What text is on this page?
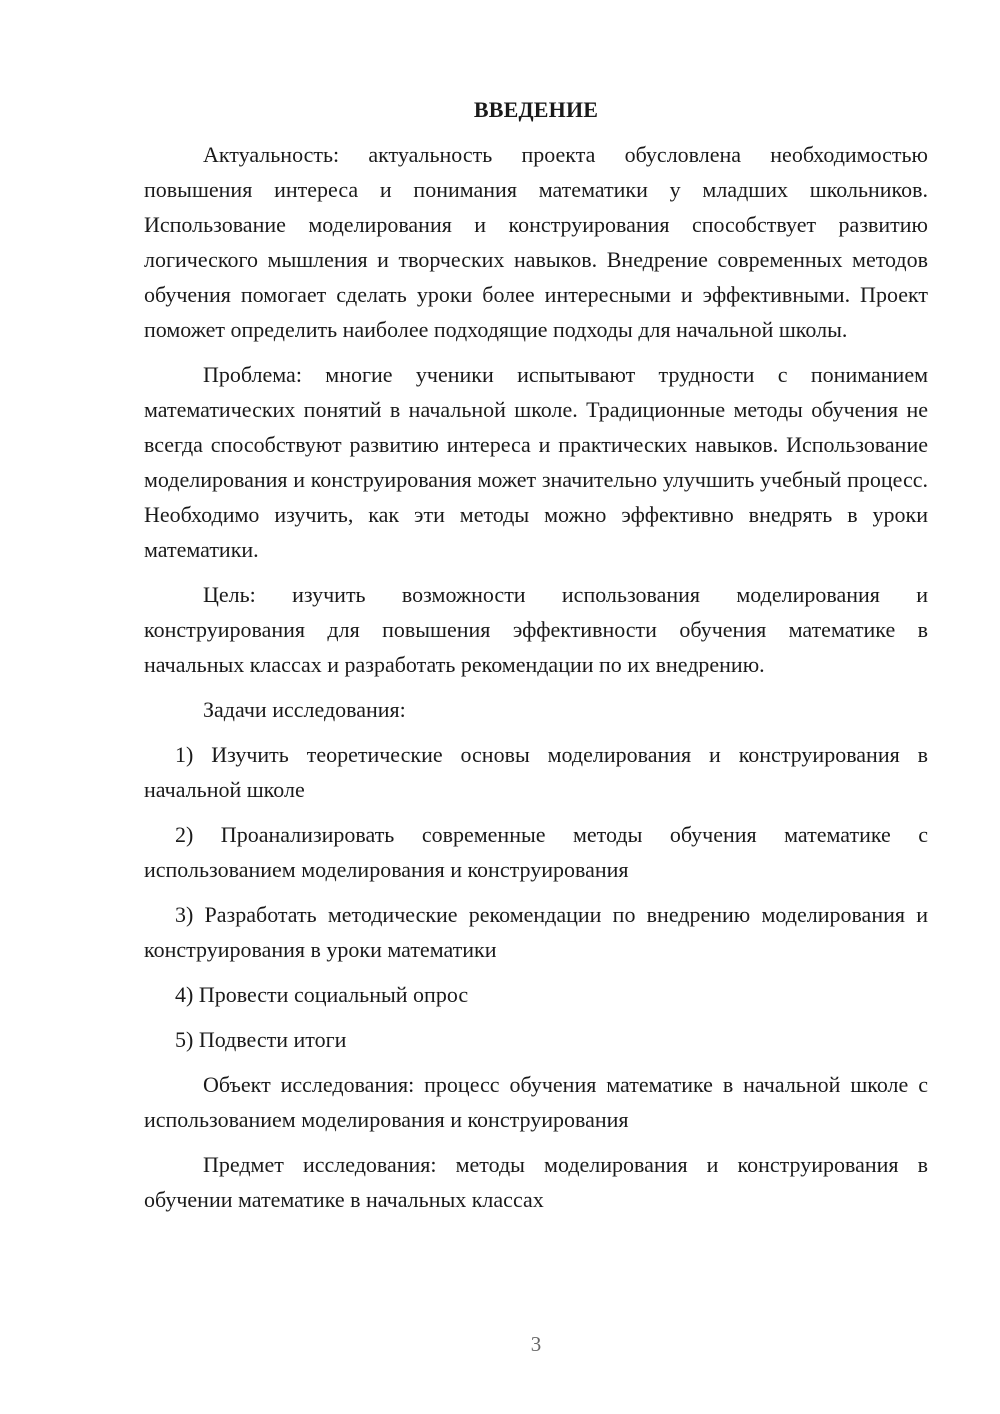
ВВЕДЕНИЕ

Актуальность: актуальность проекта обусловлена необходимостью повышения интереса и понимания математики у младших школьников. Использование моделирования и конструирования способствует развитию логического мышления и творческих навыков. Внедрение современных методов обучения помогает сделать уроки более интересными и эффективными. Проект поможет определить наиболее подходящие подходы для начальной школы.

Проблема: многие ученики испытывают трудности с пониманием математических понятий в начальной школе. Традиционные методы обучения не всегда способствуют развитию интереса и практических навыков. Использование моделирования и конструирования может значительно улучшить учебный процесс. Необходимо изучить, как эти методы можно эффективно внедрять в уроки математики.

Цель: изучить возможности использования моделирования и конструирования для повышения эффективности обучения математике в начальных классах и разработать рекомендации по их внедрению.

Задачи исследования:

1) Изучить теоретические основы моделирования и конструирования в начальной школе

2) Проанализировать современные методы обучения математике с использованием моделирования и конструирования

3) Разработать методические рекомендации по внедрению моделирования и конструирования в уроки математики

4) Провести социальный опрос

5) Подвести итоги

Объект исследования: процесс обучения математике в начальной школе с использованием моделирования и конструирования

Предмет исследования: методы моделирования и конструирования в обучении математике в начальных классах

3
